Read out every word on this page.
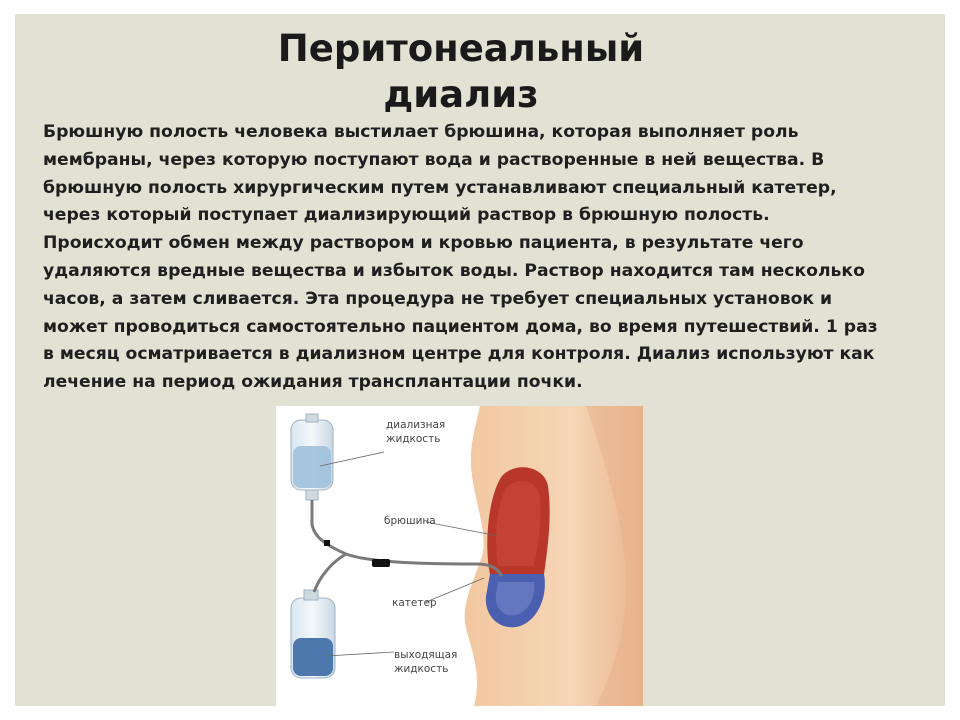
Перитонеальный
диализ
Брюшную полость человека выстилает брюшина, которая выполняет роль мембраны, через которую поступают вода и растворенные в ней вещества. В брюшную полость хирургическим путем устанавливают специальный катетер, через который поступает диализирующий раствор в брюшную полость. Происходит обмен между раствором и кровью пациента, в результате чего удаляются вредные вещества и избыток воды. Раствор находится там несколько часов, а затем сливается. Эта процедура не требует специальных установок и может проводиться самостоятельно пациентом дома, во время путешествий. 1 раз в месяц осматривается в диализном центре для контроля. Диализ используют как лечение на период ожидания трансплантации почки.
диализная
жидкость
брюшина
катетер
выходящая
жидкость
